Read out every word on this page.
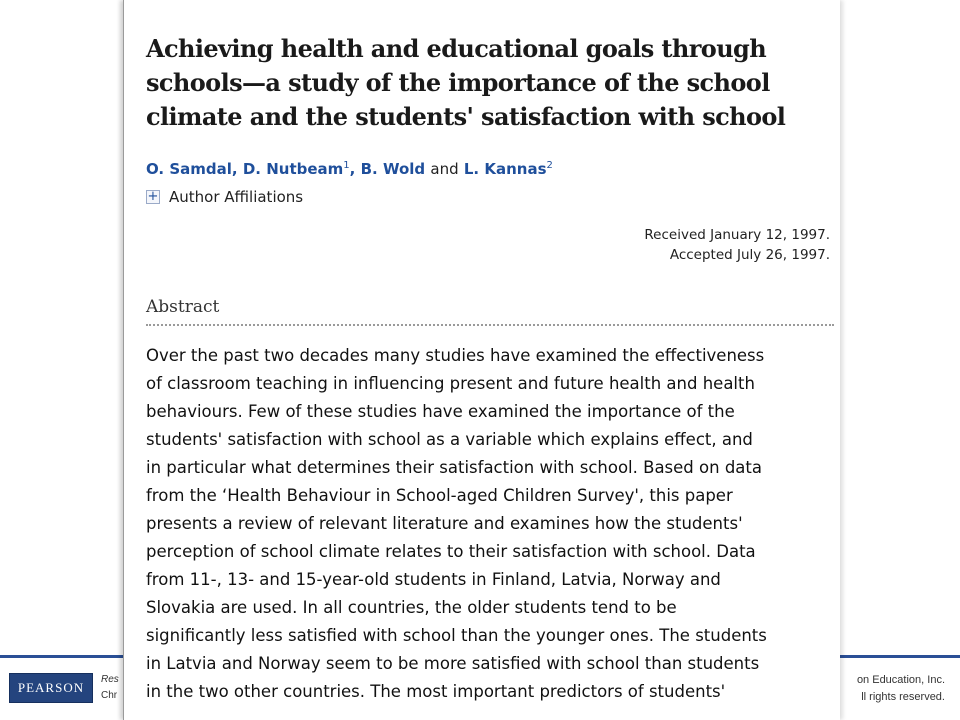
PEARSON
Res
Chr
on Education, Inc.
ll rights reserved.
Achieving health and educational goals through
schools—a study of the importance of the school
climate and the students' satisfaction with school
O. Samdal, D. Nutbeam$^1$, B. Wold and L. Kannas$^2$
+ Author Affiliations
Received January 12, 1997.
Accepted July 26, 1997.
Abstract

Over the past two decades many studies have examined the effectiveness
of classroom teaching in influencing present and future health and health
behaviours. Few of these studies have examined the importance of the
students' satisfaction with school as a variable which explains effect, and
in particular what determines their satisfaction with school. Based on data
from the ‘Health Behaviour in School-aged Children Survey', this paper
presents a review of relevant literature and examines how the students'
perception of school climate relates to their satisfaction with school. Data
from 11-, 13- and 15-year-old students in Finland, Latvia, Norway and
Slovakia are used. In all countries, the older students tend to be
significantly less satisfied with school than the younger ones. The students
in Latvia and Norway seem to be more satisfied with school than students
in the two other countries. The most important predictors of students'
